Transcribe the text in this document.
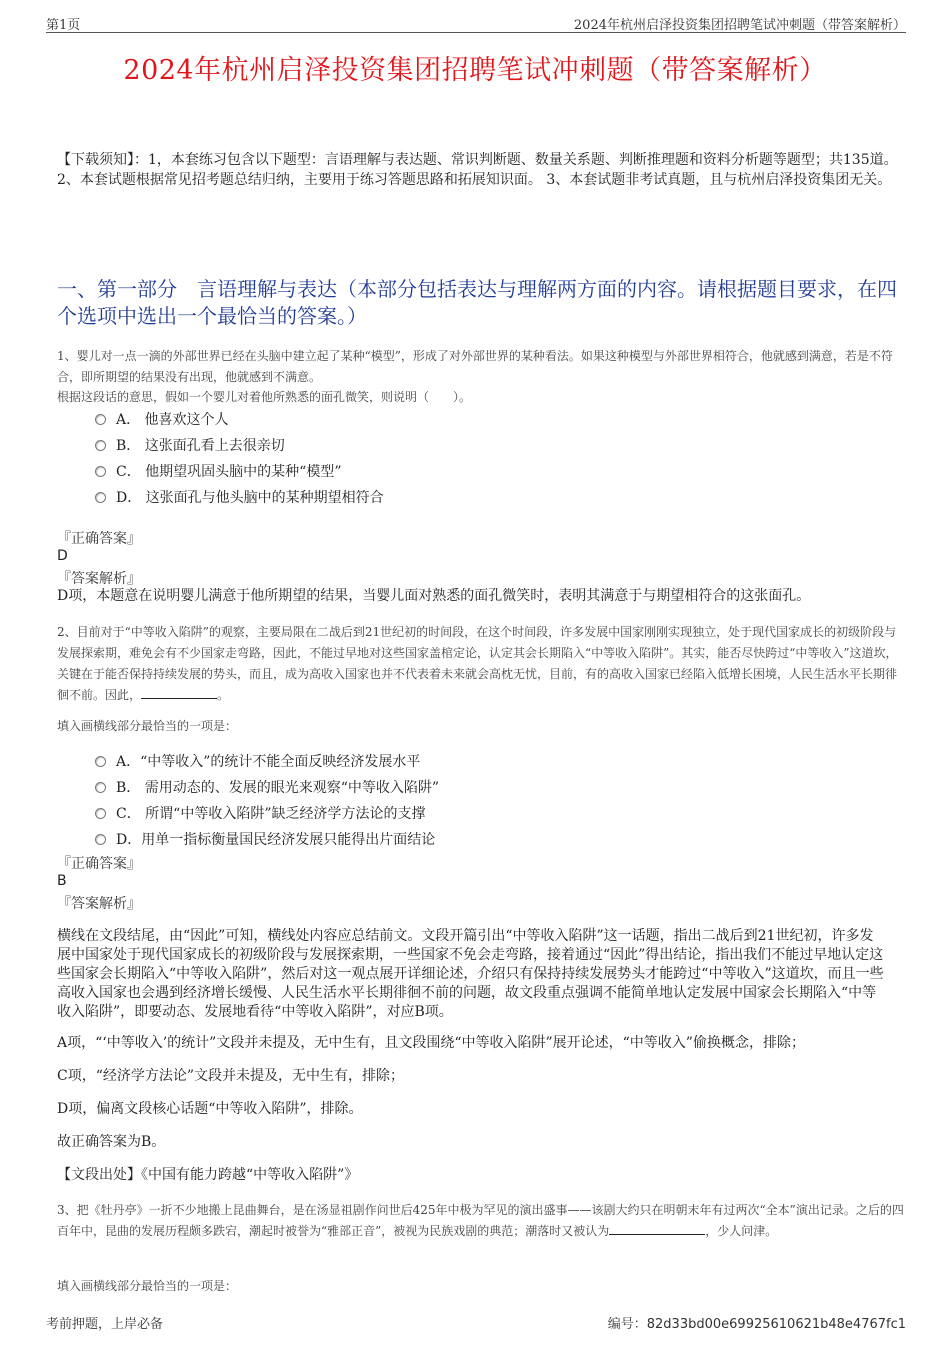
第1页	2024年杭州启泽投资集团招聘笔试冲刺题（带答案解析）
2024年杭州启泽投资集团招聘笔试冲刺题（带答案解析）
【下载须知】：1，本套练习包含以下题型：言语理解与表达题、常识判断题、数量关系题、判断推理题和资料分析题等题型；共135道。 2、本套试题根据常见招考题总结归纳，主要用于练习答题思路和拓展知识面。 3、本套试题非考试真题，且与杭州启泽投资集团无关。
一、第一部分　言语理解与表达（本部分包括表达与理解两方面的内容。请根据题目要求，在四个选项中选出一个最恰当的答案。）
1、婴儿对一点一滴的外部世界已经在头脑中建立起了某种“模型”，形成了对外部世界的某种看法。如果这种模型与外部世界相符合，他就感到满意，若是不符合，即所期望的结果没有出现，他就感到不满意。
根据这段话的意思，假如一个婴儿对着他所熟悉的面孔微笑，则说明（　　）。
A． 他喜欢这个人
B． 这张面孔看上去很亲切
C． 他期望巩固头脑中的某种“模型”
D． 这张面孔与他头脑中的某种期望相符合
『正确答案』
D
『答案解析』
D项，本题意在说明婴儿满意于他所期望的结果，当婴儿面对熟悉的面孔微笑时，表明其满意于与期望相符合的这张面孔。
2、目前对于“中等收入陷阱”的观察，主要局限在二战后到21世纪初的时间段，在这个时间段，许多发展中国家刚刚实现独立，处于现代国家成长的初级阶段与发展探索期，难免会有不少国家走弯路，因此，不能过早地对这些国家盖棺定论，认定其会长期陷入“中等收入陷阱”。其实，能否尽快跨过“中等收入”这道坎，关键在于能否保持持续发展的势头，而且，成为高收入国家也并不代表着未来就会高枕无忧，目前，有的高收入国家已经陷入低增长困境，人民生活水平长期徘徊不前。因此，	。
填入画横线部分最恰当的一项是：
A．“中等收入”的统计不能全面反映经济发展水平
B． 需用动态的、发展的眼光来观察“中等收入陷阱”
C． 所谓“中等收入陷阱”缺乏经济学方法论的支撑
D．用单一指标衡量国民经济发展只能得出片面结论
『正确答案』
B
『答案解析』
横线在文段结尾，由“因此”可知，横线处内容应总结前文。文段开篇引出“中等收入陷阱”这一话题，指出二战后到21世纪初，许多发展中国家处于现代国家成长的初级阶段与发展探索期，一些国家不免会走弯路，接着通过“因此”得出结论，指出我们不能过早地认定这些国家会长期陷入“中等收入陷阱”，然后对这一观点展开详细论述，介绍只有保持持续发展势头才能跨过“中等收入”这道坎，而且一些高收入国家也会遇到经济增长缓慢、人民生活水平长期徘徊不前的问题，故文段重点强调不能简单地认定发展中国家会长期陷入“中等收入陷阱”，即要动态、发展地看待“中等收入陷阱”，对应B项。
A项，“‘中等收入’的统计”文段并未提及，无中生有，且文段围绕“中等收入陷阱”展开论述，“中等收入”偷换概念，排除；
C项，“经济学方法论”文段并未提及，无中生有，排除；
D项，偏离文段核心话题“中等收入陷阱”，排除。
故正确答案为B。
【文段出处】《中国有能力跨越“中等收入陷阱”》
3、把《牡丹亭》一折不少地搬上昆曲舞台，是在汤显祖剧作问世后425年中极为罕见的演出盛事——该剧大约只在明朝末年有过两次“全本”演出记录。之后的四百年中，昆曲的发展历程颇多跌宕，潮起时被誉为“雅部正音”，被视为民族戏剧的典范；潮落时又被认为	，少人问津。
填入画横线部分最恰当的一项是：
考前押题，上岸必备	编号：82d33bd00e69925610621b48e4767fc1
